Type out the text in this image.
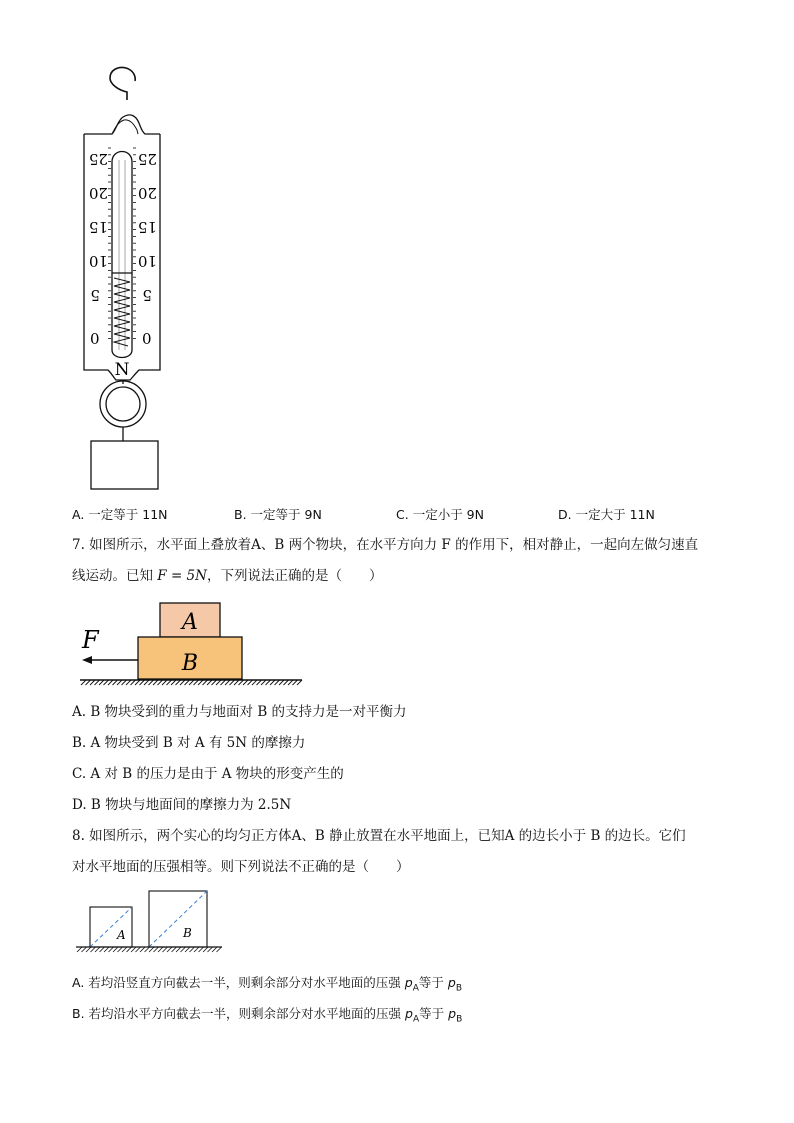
N
25
20
15
10
5
0
25
20
15
10
5
0
A. 一定等于 11N	B. 一定等于 9N	C. 一定小于 9N	D. 一定大于 11N
7. 如图所示，水平面上叠放着A、B 两个物块，在水平方向力 F 的作用下，相对静止，一起向左做匀速直
线运动。已知 F = 5N，下列说法正确的是（　　）
A
B
F
A. B 物块受到的重力与地面对 B 的支持力是一对平衡力
B. A 物块受到 B 对 A 有 5N 的摩擦力
C. A 对 B 的压力是由于 A 物块的形变产生的
D. B 物块与地面间的摩擦力为 2.5N
8. 如图所示，两个实心的均匀正方体A、B 静止放置在水平地面上，已知A 的边长小于 B 的边长。它们
对水平地面的压强相等。则下列说法不正确的是（　　）
A	B
A. 若均沿竖直方向截去一半，则剩余部分对水平地面的压强 $p_A$等于 $p_B$
B. 若均沿水平方向截去一半，则剩余部分对水平地面的压强 $p_A$等于 $p_B$
